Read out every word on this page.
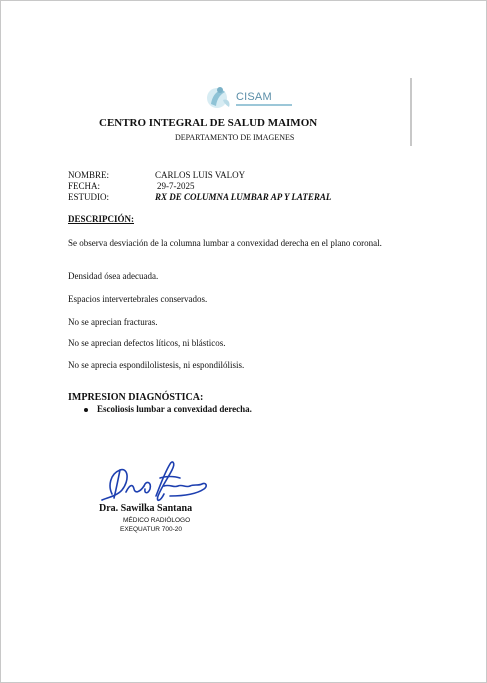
CISAM
CENTRO INTEGRAL DE SALUD MAIMON
DEPARTAMENTO DE IMAGENES
NOMBRE:	CARLOS LUIS VALOY
FECHA:	29-7-2025
ESTUDIO:	RX DE COLUMNA LUMBAR AP Y LATERAL
DESCRIPCIÓN:
Se observa desviación de la columna lumbar a convexidad derecha en el plano coronal.
Densidad ósea adecuada.
Espacios intervertebrales conservados.
No se aprecian fracturas.
No se aprecian defectos líticos, ni blásticos.
No se aprecia espondilolistesis, ni espondilólisis.
IMPRESION DIAGNÓSTICA:
Escoliosis lumbar a convexidad derecha.
Dra. Sawilka Santana
MÉDICO RADIÓLOGO
EXEQUATUR 700-20
